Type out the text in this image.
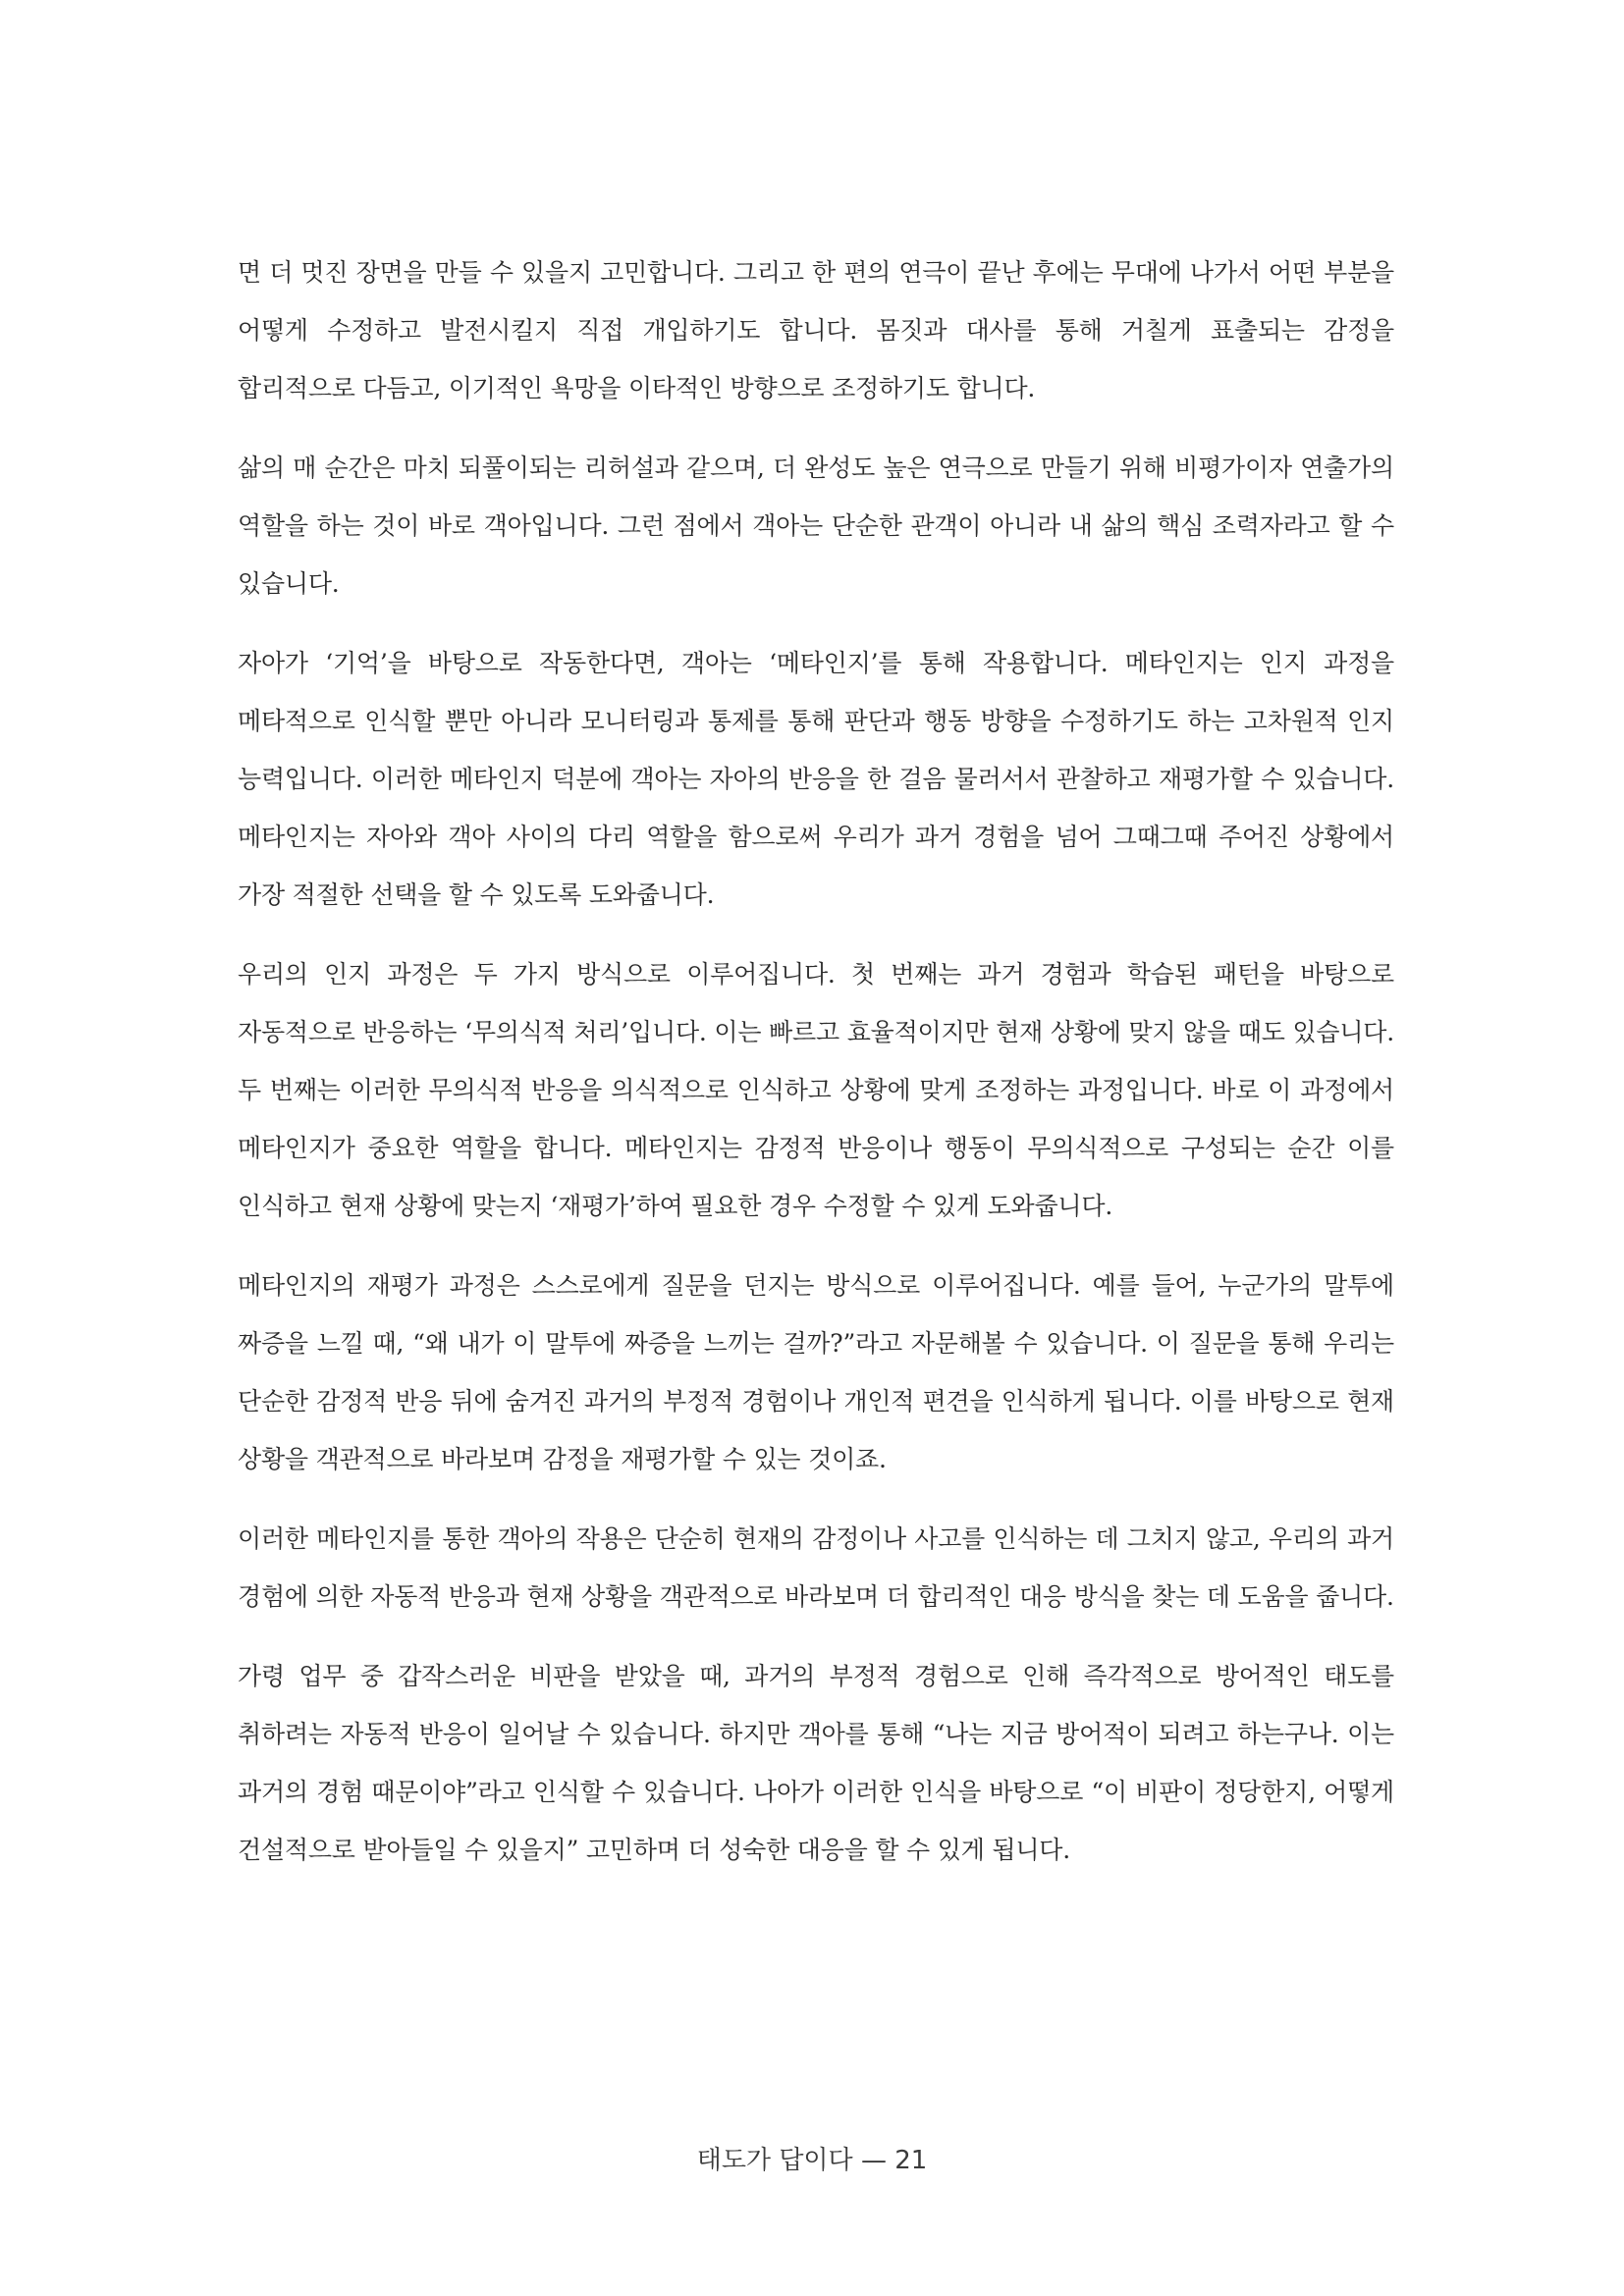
면 더 멋진 장면을 만들 수 있을지 고민합니다. 그리고 한 편의 연극이 끝난 후에는 무대에 나가서 어떤 부분을 어떻게 수정하고 발전시킬지 직접 개입하기도 합니다. 몸짓과 대사를 통해 거칠게 표출되는 감정을 합리적으로 다듬고, 이기적인 욕망을 이타적인 방향으로 조정하기도 합니다.

삶의 매 순간은 마치 되풀이되는 리허설과 같으며, 더 완성도 높은 연극으로 만들기 위해 비평가이자 연출가의 역할을 하는 것이 바로 객아입니다. 그런 점에서 객아는 단순한 관객이 아니라 내 삶의 핵심 조력자라고 할 수 있습니다.

자아가 ‘기억’을 바탕으로 작동한다면, 객아는 ‘메타인지’를 통해 작용합니다. 메타인지는 인지 과정을 메타적으로 인식할 뿐만 아니라 모니터링과 통제를 통해 판단과 행동 방향을 수정하기도 하는 고차원적 인지 능력입니다. 이러한 메타인지 덕분에 객아는 자아의 반응을 한 걸음 물러서서 관찰하고 재평가할 수 있습니다. 메타인지는 자아와 객아 사이의 다리 역할을 함으로써 우리가 과거 경험을 넘어 그때그때 주어진 상황에서 가장 적절한 선택을 할 수 있도록 도와줍니다.

우리의 인지 과정은 두 가지 방식으로 이루어집니다. 첫 번째는 과거 경험과 학습된 패턴을 바탕으로 자동적으로 반응하는 ‘무의식적 처리’입니다. 이는 빠르고 효율적이지만 현재 상황에 맞지 않을 때도 있습니다. 두 번째는 이러한 무의식적 반응을 의식적으로 인식하고 상황에 맞게 조정하는 과정입니다. 바로 이 과정에서 메타인지가 중요한 역할을 합니다. 메타인지는 감정적 반응이나 행동이 무의식적으로 구성되는 순간 이를 인식하고 현재 상황에 맞는지 ‘재평가’하여 필요한 경우 수정할 수 있게 도와줍니다.

메타인지의 재평가 과정은 스스로에게 질문을 던지는 방식으로 이루어집니다. 예를 들어, 누군가의 말투에 짜증을 느낄 때, “왜 내가 이 말투에 짜증을 느끼는 걸까?”라고 자문해볼 수 있습니다. 이 질문을 통해 우리는 단순한 감정적 반응 뒤에 숨겨진 과거의 부정적 경험이나 개인적 편견을 인식하게 됩니다. 이를 바탕으로 현재 상황을 객관적으로 바라보며 감정을 재평가할 수 있는 것이죠.

이러한 메타인지를 통한 객아의 작용은 단순히 현재의 감정이나 사고를 인식하는 데 그치지 않고, 우리의 과거 경험에 의한 자동적 반응과 현재 상황을 객관적으로 바라보며 더 합리적인 대응 방식을 찾는 데 도움을 줍니다.

가령 업무 중 갑작스러운 비판을 받았을 때, 과거의 부정적 경험으로 인해 즉각적으로 방어적인 태도를 취하려는 자동적 반응이 일어날 수 있습니다. 하지만 객아를 통해 “나는 지금 방어적이 되려고 하는구나. 이는 과거의 경험 때문이야”라고 인식할 수 있습니다. 나아가 이러한 인식을 바탕으로 “이 비판이 정당한지, 어떻게 건설적으로 받아들일 수 있을지” 고민하며 더 성숙한 대응을 할 수 있게 됩니다.

태도가 답이다 — 21
